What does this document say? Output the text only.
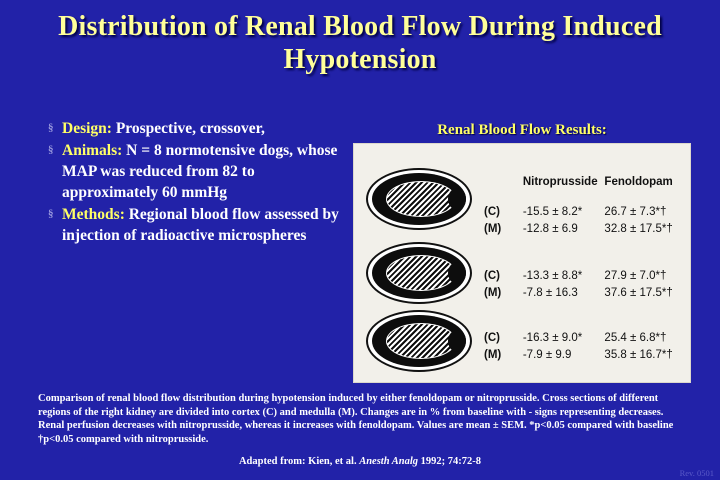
Distribution of Renal Blood Flow During Induced Hypotension
§ Design: Prospective, crossover,
§ Animals: N = 8 normotensive dogs, whose MAP was reduced from 82 to approximately 60 mmHg
§ Methods: Regional blood flow assessed by injection of radioactive microspheres
Renal Blood Flow Results:
Nitroprusside Fenoldopam
(C)	-15.5 ± 8.2*	26.7 ± 7.3*†
(M)	-12.8 ± 6.9	32.8 ± 17.5*†
(C)	-13.3 ± 8.8*	27.9 ± 7.0*†
(M)	-7.8 ± 16.3	37.6 ± 17.5*†
(C)	-16.3 ± 9.0*	25.4 ± 6.8*†
(M)	-7.9 ± 9.9	35.8 ± 16.7*†
Comparison of renal blood flow distribution during hypotension induced by either fenoldopam or nitroprusside. Cross sections of different regions of the right kidney are divided into cortex (C) and medulla (M). Changes are in % from baseline with - signs representing decreases. Renal perfusion decreases with nitroprusside, whereas it increases with fenoldopam. Values are mean ± SEM. *p<0.05 compared with baseline †p<0.05 compared with nitroprusside.
Adapted from: Kien, et al. Anesth Analg 1992; 74:72-8
Rev. 0501
